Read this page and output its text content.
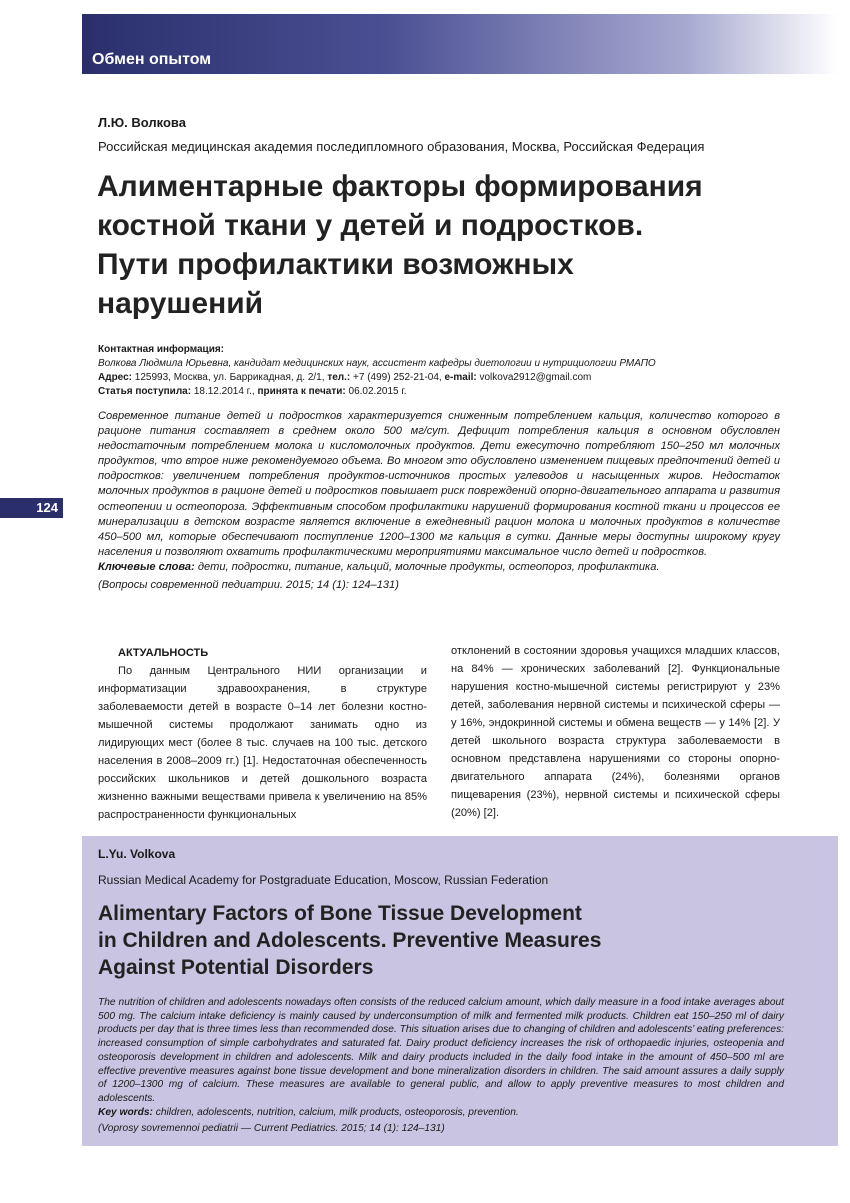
Обмен опытом
124
Л.Ю. Волкова
Российская медицинская академия последипломного образования, Москва, Российская Федерация
Алиментарные факторы формирования
костной ткани у детей и подростков.
Пути профилактики возможных
нарушений
Контактная информация:
Волкова Людмила Юрьевна, кандидат медицинских наук, ассистент кафедры диетологии и нутрициологии РМАПО
Адрес: 125993, Москва, ул. Баррикадная, д. 2/1, тел.: +7 (499) 252-21-04, e-mail: volkova2912@gmail.com
Статья поступила: 18.12.2014 г., принята к печати: 06.02.2015 г.

Современное питание детей и подростков характеризуется сниженным потреблением кальция, количество которого в рационе питания составляет в среднем около 500 мг/сут. Дефицит потребления кальция в основном обусловлен недостаточным потреблением молока и кисломолочных продуктов. Дети ежесуточно потребляют 150–250 мл молочных продуктов, что втрое ниже рекомендуемого объема. Во многом это обусловлено изменением пищевых предпочтений детей и подростков: увеличением потребления продуктов-источников простых углеводов и насыщенных жиров. Недостаток молочных продуктов в рационе детей и подростков повышает риск повреждений опорно-двигательного аппарата и развития остеопении и остеопороза. Эффективным способом профилактики нарушений формирования костной ткани и процессов ее минерализации в детском возрасте является включение в ежедневный рацион молока и молочных продуктов в количестве 450–500 мл, которые обеспечивают поступление 1200–1300 мг кальция в сутки. Данные меры доступны широкому кругу населения и позволяют охватить профилактическими мероприятиями максимальное число детей и подростков.

Ключевые слова: дети, подростки, питание, кальций, молочные продукты, остеопороз, профилактика.

(Вопросы современной педиатрии. 2015; 14 (1): 124–131)

АКТУАЛЬНОСТЬ

По данным Центрального НИИ организации и информатизации здравоохранения, в структуре заболеваемости детей в возрасте 0–14 лет болезни костно-мышечной системы продолжают занимать одно из лидирующих мест (более 8 тыс. случаев на 100 тыс. детского населения в 2008–2009 гг.) [1]. Недостаточная обеспеченность российских школьников и детей дошкольного возраста жизненно важными веществами привела к увеличению на 85% распространенности функциональных

отклонений в состоянии здоровья учащихся младших классов, на 84% — хронических заболеваний [2]. Функциональные нарушения костно-мышечной системы регистрируют у 23% детей, заболевания нервной системы и психической сферы — у 16%, эндокринной системы и обмена веществ — у 14% [2]. У детей школьного возраста структура заболеваемости в основном представлена нарушениями со стороны опорно-двигательного аппарата (24%), болезнями органов пищеварения (23%), нервной системы и психической сферы (20%) [2].

L.Yu. Volkova
Russian Medical Academy for Postgraduate Education, Moscow, Russian Federation
Alimentary Factors of Bone Tissue Development
in Children and Adolescents. Preventive Measures
Against Potential Disorders

The nutrition of children and adolescents nowadays often consists of the reduced calcium amount, which daily measure in a food intake averages about 500 mg. The calcium intake deficiency is mainly caused by underconsumption of milk and fermented milk products. Children eat 150–250 ml of dairy products per day that is three times less than recommended dose. This situation arises due to changing of children and adolescents’ eating preferences: increased consumption of simple carbohydrates and saturated fat. Dairy product deficiency increases the risk of orthopaedic injuries, osteopenia and osteoporosis development in children and adolescents. Milk and dairy products included in the daily food intake in the amount of 450–500 ml are effective preventive measures against bone tissue development and bone mineralization disorders in children. The said amount assures a daily supply of 1200–1300 mg of calcium. These measures are available to general public, and allow to apply preventive measures to most children and adolescents.

Key words: children, adolescents, nutrition, calcium, milk products, osteoporosis, prevention.

(Voprosy sovremennoi pediatrii — Current Pediatrics. 2015; 14 (1): 124–131)
